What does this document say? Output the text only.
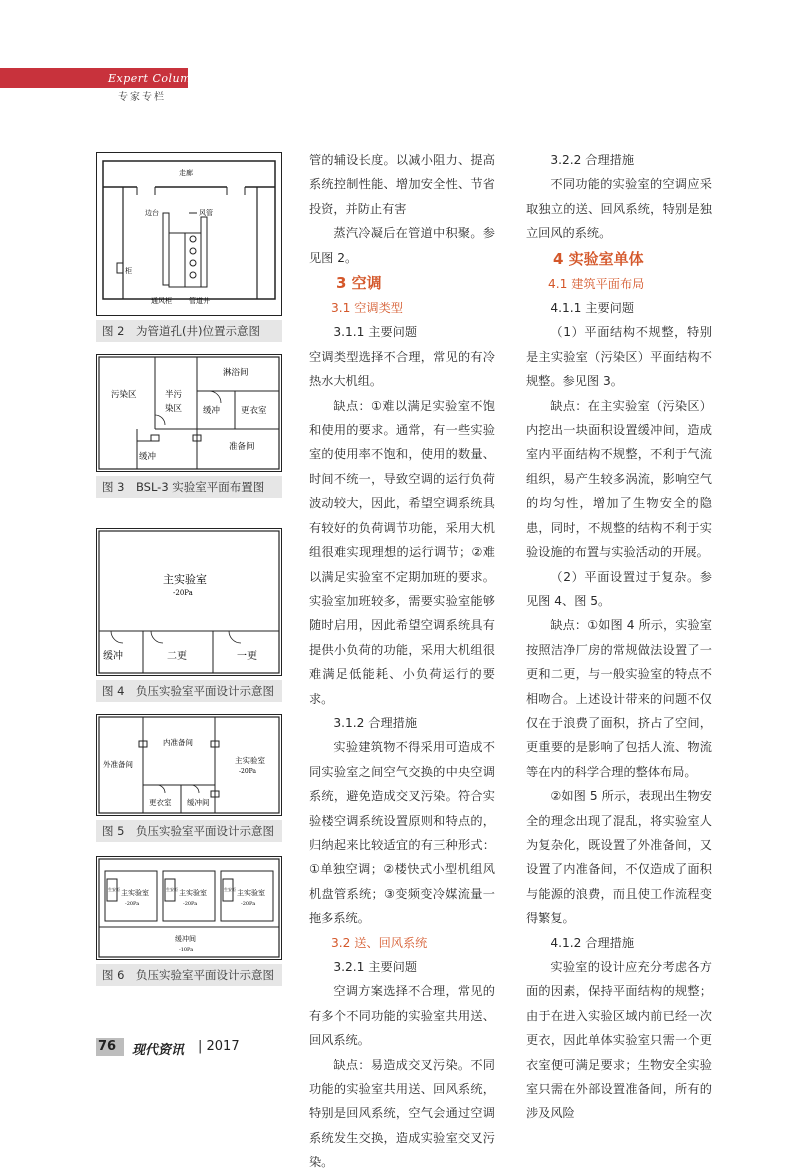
Expert Column
专家专栏
走廊
边台	风管
通风柜 管道井
柜
图 2　为管道孔(井)位置示意图
污染区	半污
染区
淋浴间
缓冲 更衣室
准备间
缓冲
图 3　BSL-3 实验室平面布置图
主实验室
-20Pa
缓冲	二更	一更
图 4　负压实验室平面设计示意图
外准备间
内准备间
主实验室
-20Pa
更衣室 缓冲间
图 5　负压实验室平面设计示意图
生安柜	生安柜	生安柜
主实验室	主实验室	主实验室
-20Pa	-20Pa	-20Pa
缓冲间
-10Pa
图 6　负压实验室平面设计示意图

管的辅设长度。以减小阻力、提高系统控制性能、增加安全性、节省投资，并防止有害

蒸汽冷凝后在管道中积聚。参见图 2。

3 空调

3.1 空调类型

3.1.1 主要问题

空调类型选择不合理，常见的有冷热水大机组。

缺点：①难以满足实验室不饱和使用的要求。通常，有一些实验室的使用率不饱和，使用的数量、时间不统一，导致空调的运行负荷波动较大，因此，希望空调系统具有较好的负荷调节功能，采用大机组很难实现理想的运行调节；②难以满足实验室不定期加班的要求。实验室加班较多，需要实验室能够随时启用，因此希望空调系统具有提供小负荷的功能，采用大机组很难满足低能耗、小负荷运行的要求。

3.1.2 合理措施

实验建筑物不得采用可造成不同实验室之间空气交换的中央空调系统，避免造成交叉污染。符合实验楼空调系统设置原则和特点的，归纳起来比较适宜的有三种形式：①单独空调；②楼快式小型机组风机盘管系统；③变频变冷媒流量一拖多系统。

3.2 送、回风系统

3.2.1 主要问题

空调方案选择不合理，常见的有多个不同功能的实验室共用送、回风系统。

缺点：易造成交叉污染。不同功能的实验室共用送、回风系统，特别是回风系统，空气会通过空调系统发生交换，造成实验室交叉污染。

3.2.2 合理措施

不同功能的实验室的空调应采取独立的送、回风系统，特别是独立回风的系统。

4 实验室单体

4.1 建筑平面布局

4.1.1 主要问题

（1）平面结构不规整，特别是主实验室（污染区）平面结构不规整。参见图 3。

缺点：在主实验室（污染区）内挖出一块面积设置缓冲间，造成室内平面结构不规整，不利于气流组织，易产生较多涡流，影响空气的均匀性，增加了生物安全的隐患，同时，不规整的结构不利于实验设施的布置与实验活动的开展。

（2）平面设置过于复杂。参见图 4、图 5。

缺点：①如图 4 所示，实验室按照洁净厂房的常规做法设置了一更和二更，与一般实验室的特点不相吻合。上述设计带来的问题不仅仅在于浪费了面积，挤占了空间，更重要的是影响了包括人流、物流等在内的科学合理的整体布局。

②如图 5 所示，表现出生物安全的理念出现了混乱，将实验室人为复杂化，既设置了外准备间，又设置了内准备间，不仅造成了面积与能源的浪费，而且使工作流程变得繁复。

4.1.2 合理措施

实验室的设计应充分考虑各方面的因素，保持平面结构的规整；由于在进入实验区域内前已经一次更衣，因此单体实验室只需一个更衣室便可满足要求；生物安全实验室只需在外部设置准备间，所有的涉及风险

76 现代资讯 | 2017
